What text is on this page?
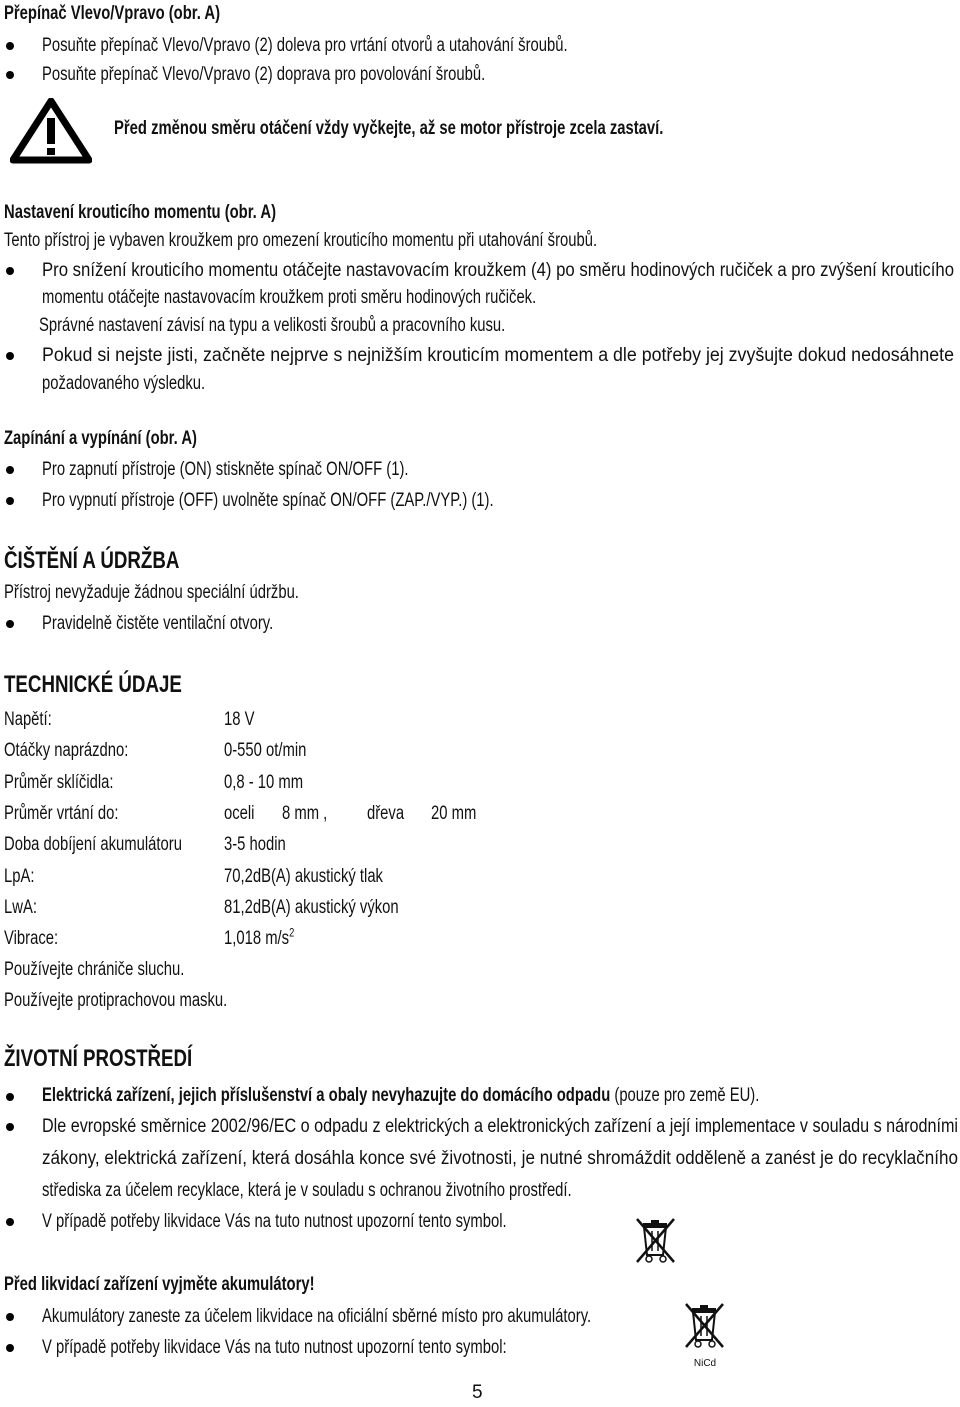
Přepínač Vlevo/Vpravo (obr. A)
Posuňte přepínač Vlevo/Vpravo (2) doleva pro vrtání otvorů a utahování šroubů.
Posuňte přepínač Vlevo/Vpravo (2) doprava pro povolování šroubů.
Před změnou směru otáčení vždy vyčkejte, až se motor přístroje zcela zastaví.
Nastavení krouticího momentu (obr. A)
Tento přístroj je vybaven kroužkem pro omezení krouticího momentu při utahování šroubů.
Pro snížení krouticího momentu otáčejte nastavovacím kroužkem (4) po směru hodinových ručiček a pro zvýšení krouticího
momentu otáčejte nastavovacím kroužkem proti směru hodinových ručiček.
Správné nastavení závisí na typu a velikosti šroubů a pracovního kusu.
Pokud si nejste jisti, začněte nejprve s nejnižším krouticím momentem a dle potřeby jej zvyšujte dokud nedosáhnete
požadovaného výsledku.
Zapínání a vypínání (obr. A)
Pro zapnutí přístroje (ON) stiskněte spínač ON/OFF (1).
Pro vypnutí přístroje (OFF) uvolněte spínač ON/OFF (ZAP./VYP.) (1).
ČIŠTĚNÍ A ÚDRŽBA
Přístroj nevyžaduje žádnou speciální údržbu.
Pravidelně čistěte ventilační otvory.
TECHNICKÉ ÚDAJE
Napětí:	18 V
Otáčky naprázdno:	0-550 ot/min
Průměr sklíčidla:	0,8 - 10 mm
Průměr vrtání do:	oceli	8 mm ,	dřeva	20 mm
Doba dobíjení akumulátoru	3-5 hodin
LpA:	70,2dB(A) akustický tlak
LwA:	81,2dB(A) akustický výkon
Vibrace:	1,018 $m/s^2$
Používejte chrániče sluchu.
Používejte protiprachovou masku.
ŽIVOTNÍ PROSTŘEDÍ
Elektrická zařízení, jejich příslušenství a obaly nevyhazujte do domácího odpadu (pouze pro země EU).
Dle evropské směrnice 2002/96/EC o odpadu z elektrických a elektronických zařízení a její implementace v souladu s národními
zákony, elektrická zařízení, která dosáhla konce své životnosti, je nutné shromáždit odděleně a zanést je do recyklačního
střediska za účelem recyklace, která je v souladu s ochranou životního prostředí.
V případě potřeby likvidace Vás na tuto nutnost upozorní tento symbol.
Před likvidací zařízení vyjměte akumulátory!
Akumulátory zaneste za účelem likvidace na oficiální sběrné místo pro akumulátory.
V případě potřeby likvidace Vás na tuto nutnost upozorní tento symbol:
NiCd
5
